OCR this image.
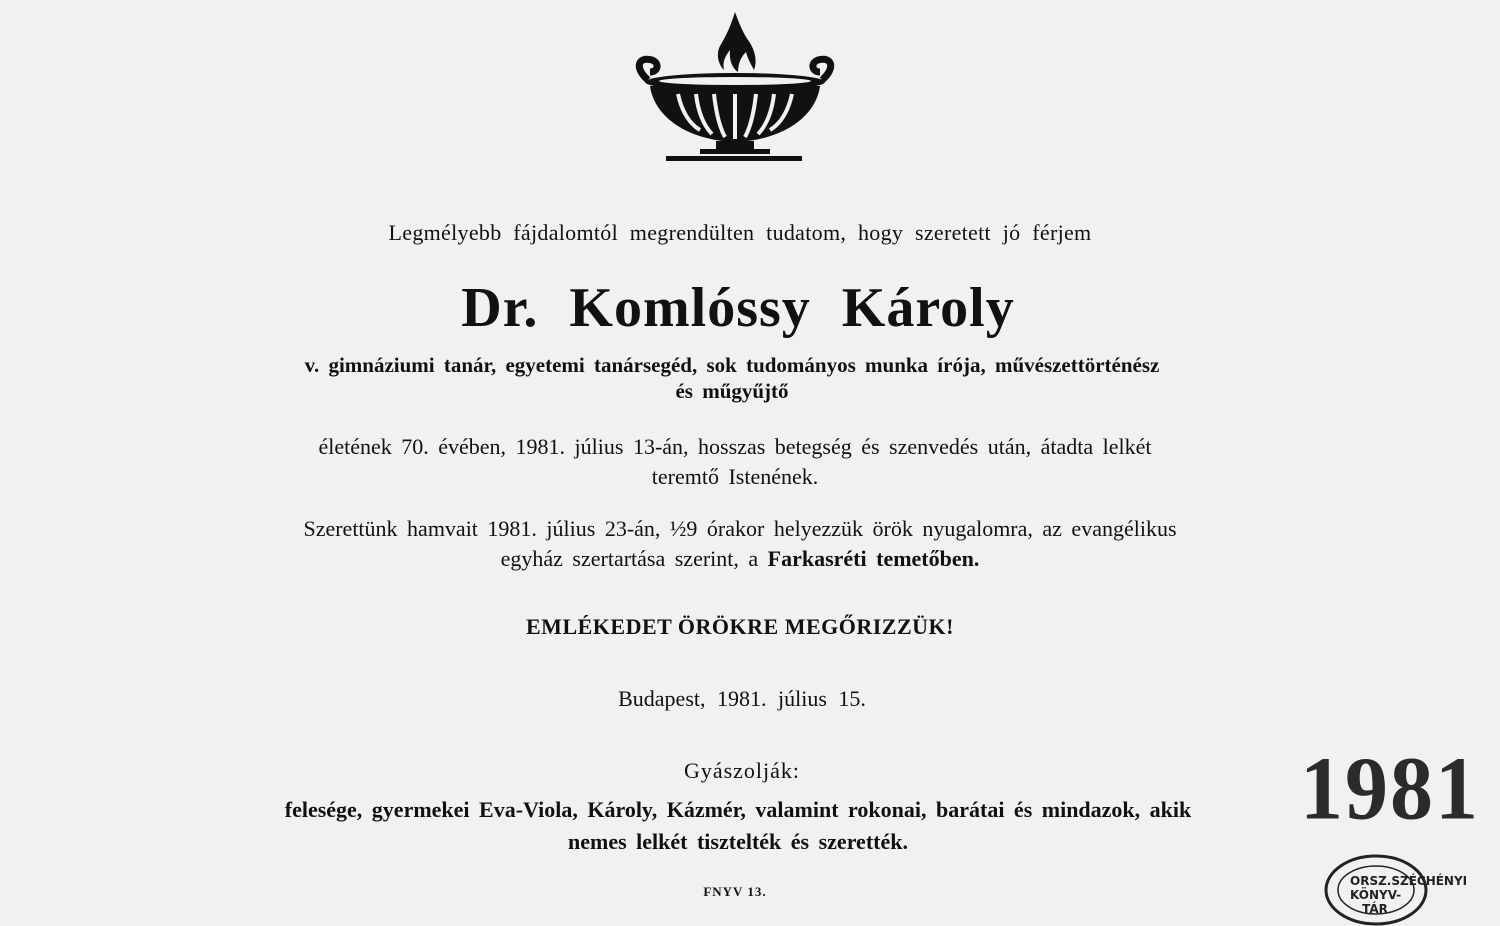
Legmélyebb fájdalomtól megrendülten tudatom, hogy szeretett jó férjem
Dr. Komlóssy Károly
v. gimnáziumi tanár, egyetemi tanársegéd, sok tudományos munka írója, művészettörténész
és műgyűjtő
életének 70. évében, 1981. július 13-án, hosszas betegség és szenvedés után, átadta lelkét
teremtő Istenének.
Szerettünk hamvait 1981. július 23-án, ½9 órakor helyezzük örök nyugalomra, az evangélikus
egyház szertartása szerint, a Farkasréti temetőben.
EMLÉKEDET ÖRÖKRE MEGŐRIZZÜK!
Budapest, 1981. július 15.
Gyászolják:
felesége, gyermekei Eva-Viola, Károly, Kázmér, valamint rokonai, barátai és mindazok, akik
nemes lelkét tisztelték és szerették.
FNYV 13.
1981
ORSZ.SZÉCHÉNYI KÖNYV-TÁR
